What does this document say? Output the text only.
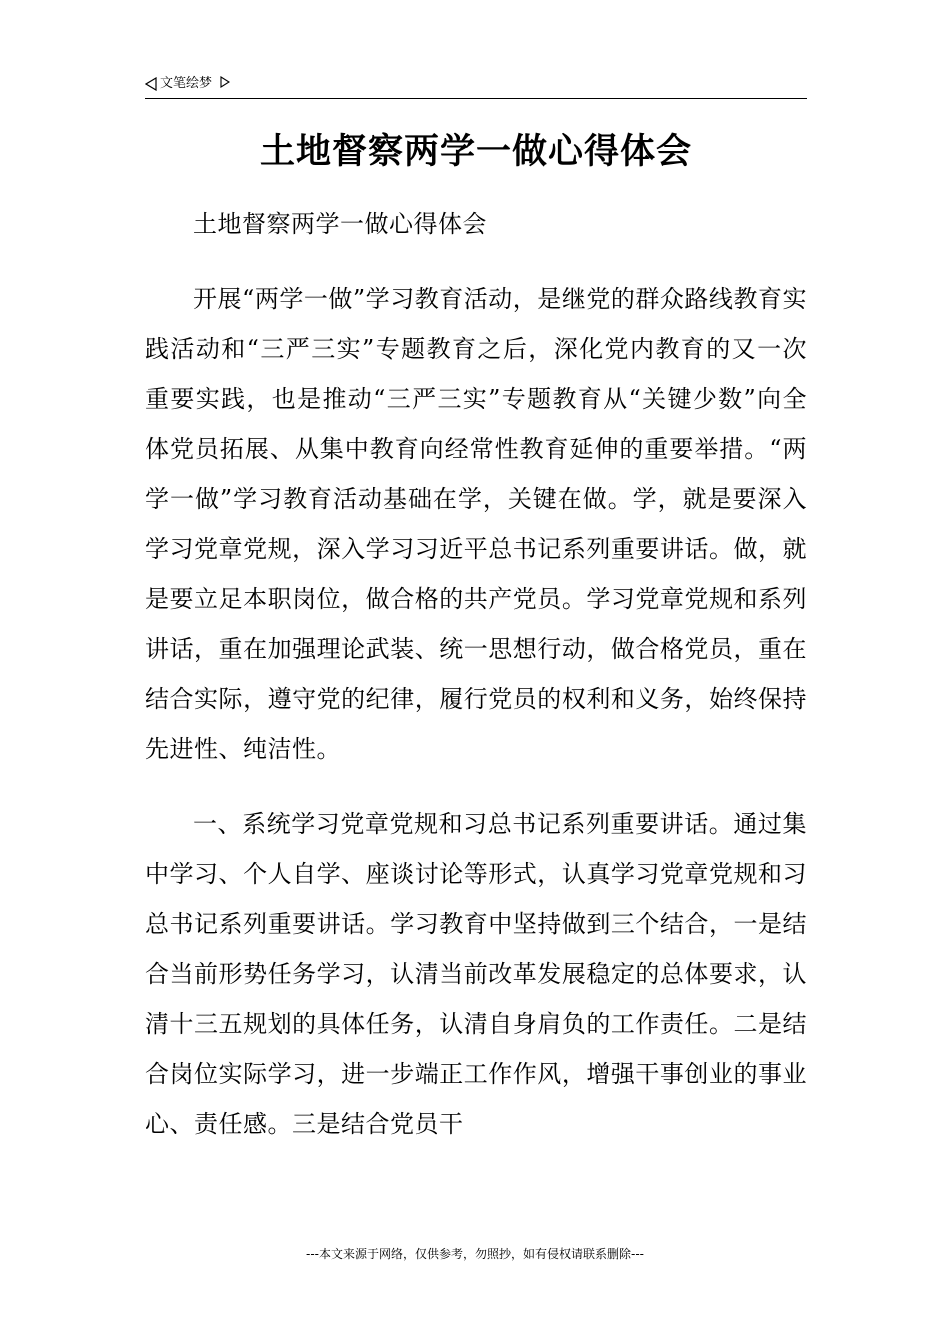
文笔绘梦
土地督察两学一做心得体会

土地督察两学一做心得体会

开展“两学一做”学习教育活动，是继党的群众路线教育实践活动和“三严三实”专题教育之后，深化党内教育的又一次重要实践，也是推动“三严三实”专题教育从“关键少数”向全体党员拓展、从集中教育向经常性教育延伸的重要举措。“两学一做”学习教育活动基础在学，关键在做。学，就是要深入学习党章党规，深入学习习近平总书记系列重要讲话。做，就是要立足本职岗位，做合格的共产党员。学习党章党规和系列讲话，重在加强理论武装、统一思想行动，做合格党员，重在结合实际，遵守党的纪律，履行党员的权利和义务，始终保持先进性、纯洁性。

一、系统学习党章党规和习总书记系列重要讲话。通过集中学习、个人自学、座谈讨论等形式，认真学习党章党规和习总书记系列重要讲话。学习教育中坚持做到三个结合，一是结合当前形势任务学习，认清当前改革发展稳定的总体要求，认清十三五规划的具体任务，认清自身肩负的工作责任。二是结合岗位实际学习，进一步端正工作作风，增强干事创业的事业心、责任感。三是结合党员干

---本文来源于网络，仅供参考，勿照抄，如有侵权请联系删除---
